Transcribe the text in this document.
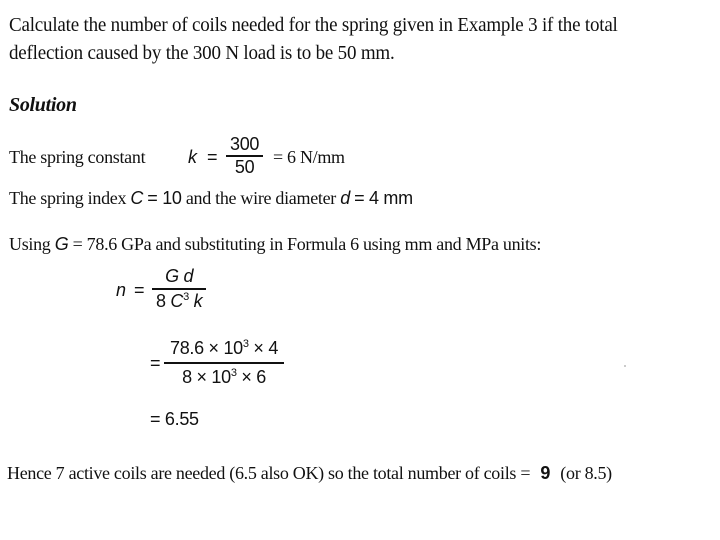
Calculate the number of coils needed for the spring given in Example 3 if the total
deflection caused by the 300 N load is to be 50 mm.
Solution
The spring constant k =
300
50 = 6 N/mm
The spring index C = 10 and the wire diameter d = 4 mm
Using G = 78.6 GPa and substituting in Formula 6 using mm and MPa units:
n =
G d
8 $C^3$ k
=
$78.6 \times 10^3 \times 4$
$8 \times 10^3 \times 6$
= 6.55
Hence 7 active coils are needed (6.5 also OK) so the total number of coils = 9 (or 8.5)
